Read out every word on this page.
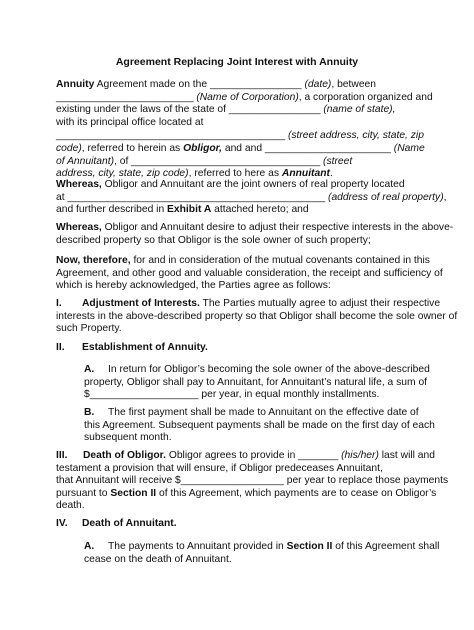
Agreement Replacing Joint Interest with Annuity
Annuity Agreement made on the ________________ (date), between
________________________ (Name of Corporation), a corporation organized and
existing under the laws of the state of ________________ (name of state),
with its principal office located at
________________________________________ (street address, city, state, zip
code), referred to herein as Obligor, and and ______________________ (Name
of Annuitant), of _________________________________ (street
address, city, state, zip code), referred to here as Annuitant.
Whereas, Obligor and Annuitant are the joint owners of real property located
at _____________________________________________ (address of real property),
and further described in Exhibit A attached hereto; and
Whereas, Obligor and Annuitant desire to adjust their respective interests in the above-
described property so that Obligor is the sole owner of such property;
Now, therefore, for and in consideration of the mutual covenants contained in this
Agreement, and other good and valuable consideration, the receipt and sufficiency of
which is hereby acknowledged, the Parties agree as follows:
I. Adjustment of Interests. The Parties mutually agree to adjust their respective
interests in the above-described property so that Obligor shall become the sole owner of
such Property.
II. Establishment of Annuity.
A. In return for Obligor’s becoming the sole owner of the above-described
property, Obligor shall pay to Annuitant, for Annuitant’s natural life, a sum of
$___________________ per year, in equal monthly installments.
B. The first payment shall be made to Annuitant on the effective date of
this Agreement. Subsequent payments shall be made on the first day of each
subsequent month.
III. Death of Obligor. Obligor agrees to provide in _______ (his/her) last will and
testament a provision that will ensure, if Obligor predeceases Annuitant,
that Annuitant will receive $__________________ per year to replace those payments
pursuant to Section II of this Agreement, which payments are to cease on Obligor’s
death.
IV. Death of Annuitant.
A. The payments to Annuitant provided in Section II of this Agreement shall
cease on the death of Annuitant.
